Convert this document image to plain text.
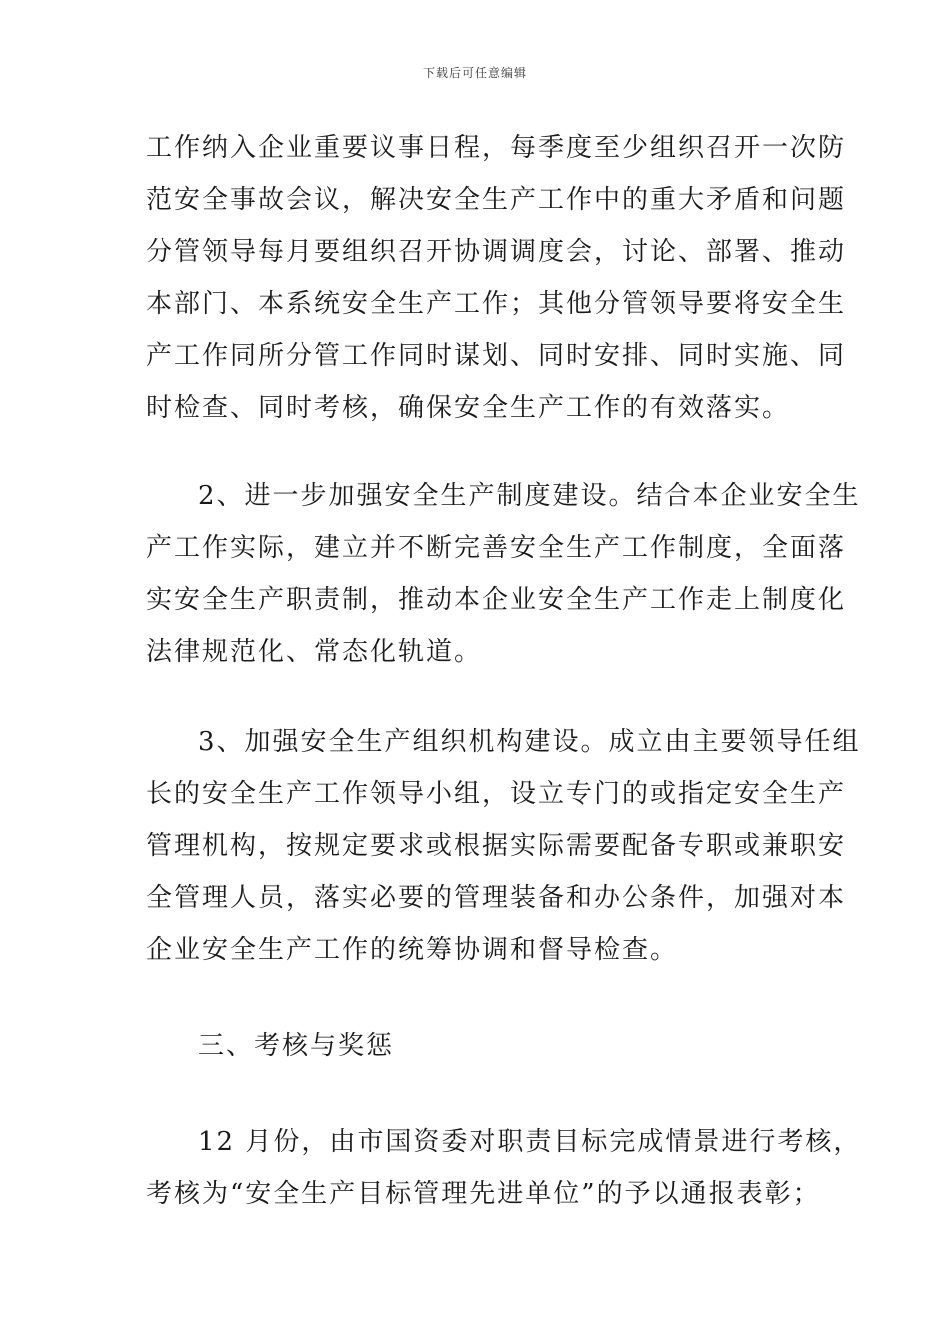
下载后可任意编辑
工作纳入企业重要议事日程，每季度至少组织召开一次防
范安全事故会议，解决安全生产工作中的重大矛盾和问题
分管领导每月要组织召开协调调度会，讨论、部署、推动
本部门、本系统安全生产工作；其他分管领导要将安全生
产工作同所分管工作同时谋划、同时安排、同时实施、同
时检查、同时考核，确保安全生产工作的有效落实。
2、进一步加强安全生产制度建设。结合本企业安全生
产工作实际，建立并不断完善安全生产工作制度，全面落
实安全生产职责制，推动本企业安全生产工作走上制度化
法律规范化、常态化轨道。
3、加强安全生产组织机构建设。成立由主要领导任组
长的安全生产工作领导小组，设立专门的或指定安全生产
管理机构，按规定要求或根据实际需要配备专职或兼职安
全管理人员，落实必要的管理装备和办公条件，加强对本
企业安全生产工作的统筹协调和督导检查。
三、考核与奖惩
12 月份，由市国资委对职责目标完成情景进行考核，
考核为“安全生产目标管理先进单位”的予以通报表彰；
